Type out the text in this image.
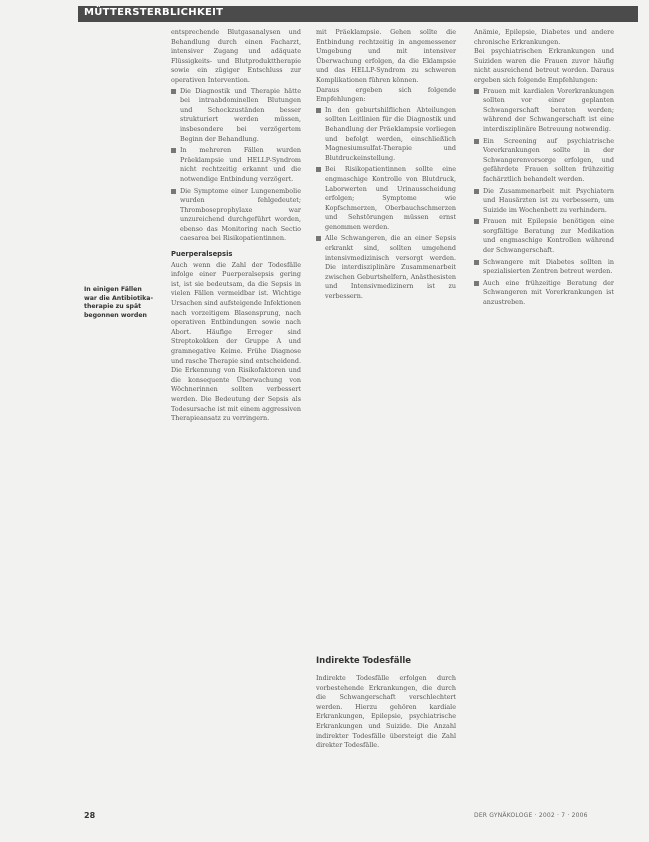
MÜTTERSTERBLICHKEIT
In einigen Fällen war die Antibiotika-therapie zu spät begonnen worden

entsprechende Blutgasanalysen und Behandlung durch einen Facharzt, intensiver Zugang und adäquate Flüssigkeits- und Blutprodukttherapie sowie ein zügiger Entschluss zur operativen Intervention.

Die Diagnostik und Therapie hätte bei intraabdominellen Blutungen und Schockzuständen besser strukturiert werden müssen, insbesondere bei verzögertem Beginn der Behandlung.
In mehreren Fällen wurden Präeklampsie und HELLP-Syndrom nicht rechtzeitig erkannt und die notwendige Entbindung verzögert.
Die Symptome einer Lungenembolie wurden fehlgedeutet; Thromboseprophylaxe war unzureichend durchgeführt worden, ebenso das Monitoring nach Sectio caesarea bei Risikopatientinnen.
Puerperalsepsis

Auch wenn die Zahl der Todesfälle infolge einer Puerperalsepsis gering ist, ist sie bedeutsam, da die Sepsis in vielen Fällen vermeidbar ist. Wichtige Ursachen sind aufsteigende Infektionen nach vorzeitigem Blasensprung, nach operativen Entbindungen sowie nach Abort. Häufige Erreger sind Streptokokken der Gruppe A und gramnegative Keime. Frühe Diagnose und rasche Therapie sind entscheidend. Die Erkennung von Risikofaktoren und die konsequente Überwachung von Wöchnerinnen sollten verbessert werden. Die Bedeutung der Sepsis als Todesursache ist mit einem aggressiven Therapieansatz zu verringern.

mit Präeklampsie. Gehen sollte die Entbindung rechtzeitig in angemessener Umgebung und mit intensiver Überwachung erfolgen, da die Eklampsie und das HELLP-Syndrom zu schweren Komplikationen führen können.

Daraus ergeben sich folgende Empfehlungen:

In den geburtshilflichen Abteilungen sollten Leitlinien für die Diagnostik und Behandlung der Präeklampsie vorliegen und befolgt werden, einschließlich Magnesiumsulfat-Therapie und Blutdruckeinstellung.
Bei Risikopatientinnen sollte eine engmaschige Kontrolle von Blutdruck, Laborwerten und Urinausscheidung erfolgen; Symptome wie Kopfschmerzen, Oberbauchschmerzen und Sehstörungen müssen ernst genommen werden.
Alle Schwangeren, die an einer Sepsis erkrankt sind, sollten umgehend intensivmedizinisch versorgt werden. Die interdisziplinäre Zusammenarbeit zwischen Geburtshelfern, Anästhesisten und Intensivmedizinern ist zu verbessern.
Indirekte Todesfälle

Indirekte Todesfälle erfolgen durch vorbestehende Erkrankungen, die durch die Schwangerschaft verschlechtert werden. Hierzu gehören kardiale Erkrankungen, Epilepsie, psychiatrische Erkrankungen und Suizide. Die Anzahl indirekter Todesfälle übersteigt die Zahl direkter Todesfälle.

Anämie, Epilepsie, Diabetes und andere chronische Erkrankungen.

Bei psychiatrischen Erkrankungen und Suiziden waren die Frauen zuvor häufig nicht ausreichend betreut worden. Daraus ergeben sich folgende Empfehlungen:

Frauen mit kardialen Vorerkrankungen sollten vor einer geplanten Schwangerschaft beraten werden; während der Schwangerschaft ist eine interdisziplinäre Betreuung notwendig.
Ein Screening auf psychiatrische Vorerkrankungen sollte in der Schwangerenvorsorge erfolgen, und gefährdete Frauen sollten frühzeitig fachärztlich behandelt werden.
Die Zusammenarbeit mit Psychiatern und Hausärzten ist zu verbessern, um Suizide im Wochenbett zu verhindern.
Frauen mit Epilepsie benötigen eine sorgfältige Beratung zur Medikation und engmaschige Kontrollen während der Schwangerschaft.
Schwangere mit Diabetes sollten in spezialisierten Zentren betreut werden.
Auch eine frühzeitige Beratung der Schwangeren mit Vorerkrankungen ist anzustreben.
28	DER GYNÄKOLOGE · 2002 · 7 · 2006
